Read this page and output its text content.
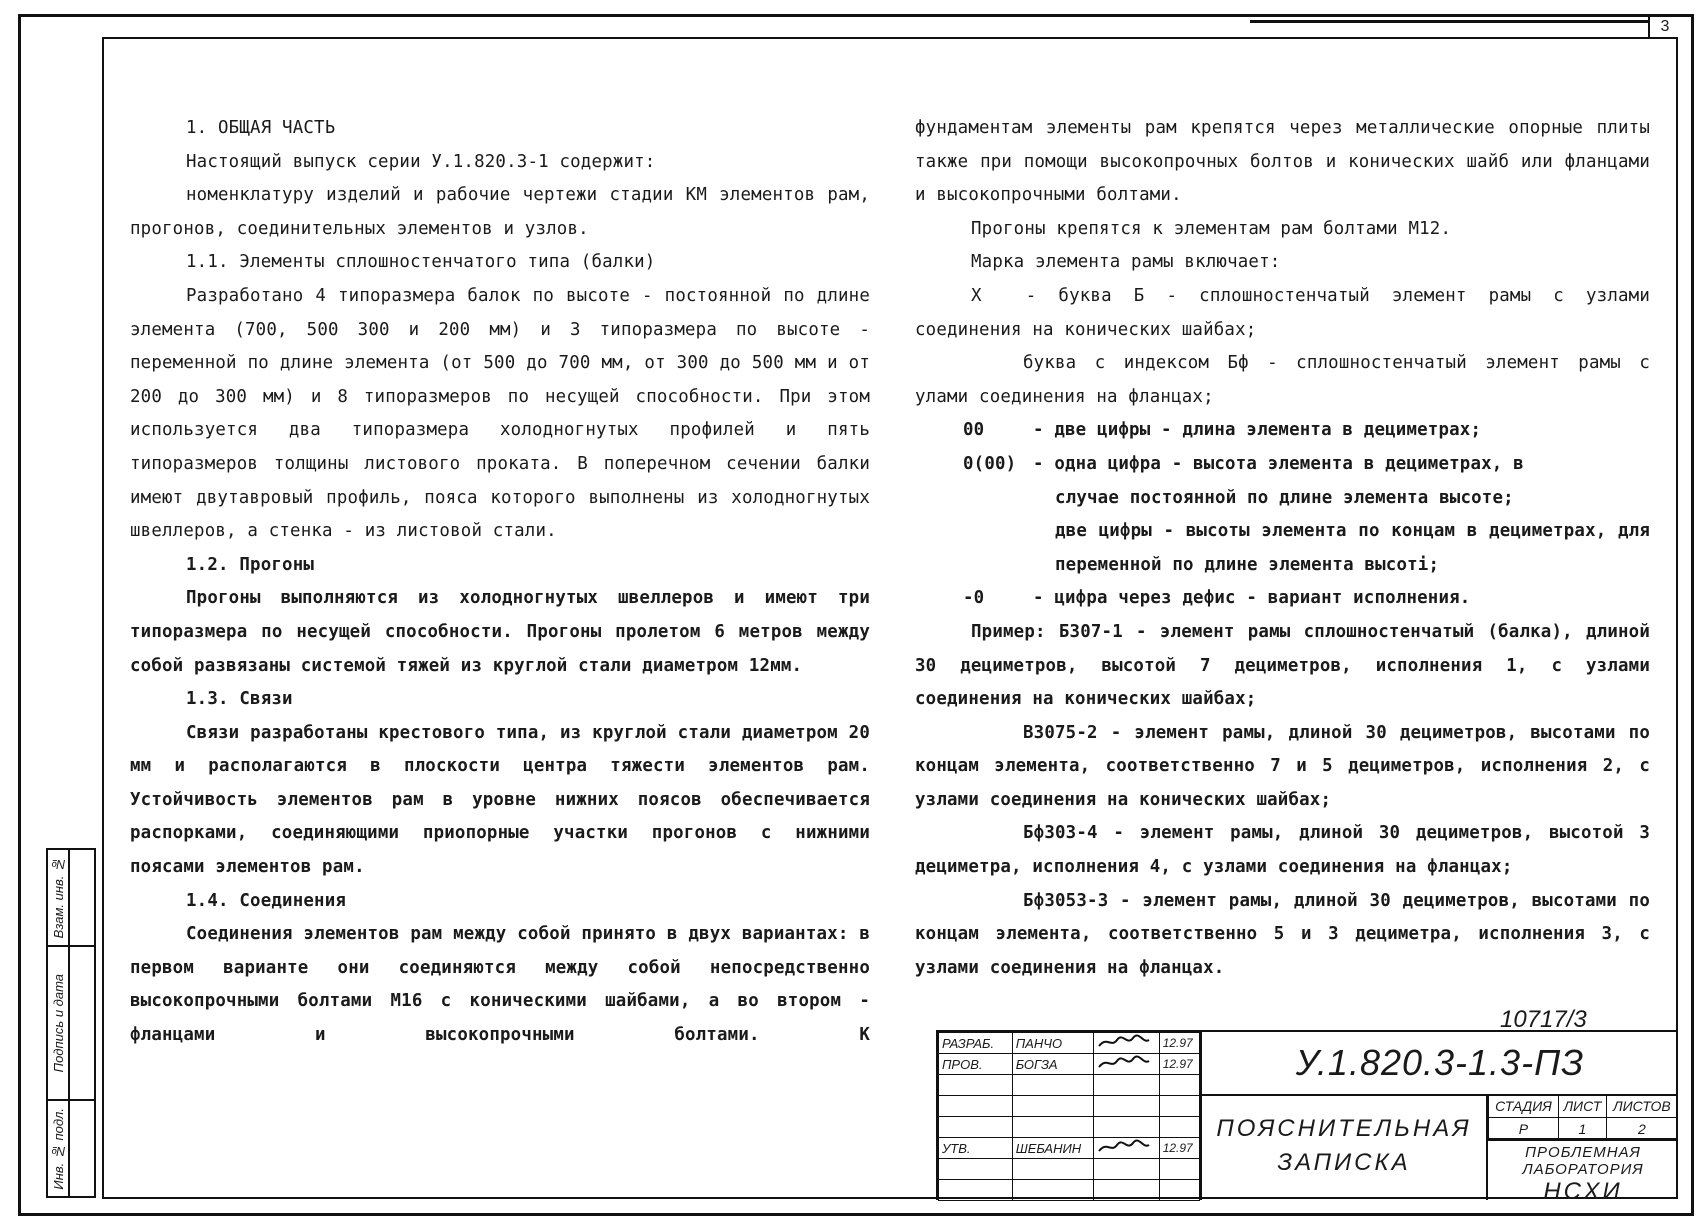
3
Взам. инв. №
Подпись и дата
Инв. № подл.

1. ОБЩАЯ ЧАСТЬ

Настоящий выпуск серии У.1.820.3-1 содержит:

номенклатуру изделий и рабочие чертежи стадии КМ элементов рам, прогонов, соединительных элементов и узлов.

1.1. Элементы сплошностенчатого типа (балки)

Разработано 4 типоразмера балок по высоте - постоянной по длине элемента (700, 500 300 и 200 мм) и 3 типоразмера по высоте - переменной по длине элемента (от 500 до 700 мм, от 300 до 500 мм и от 200 до 300 мм) и 8 типоразмеров по несущей способности. При этом используется два типоразмера холодногнутых профилей и пять типоразмеров толщины листового проката. В поперечном сечении балки имеют двутавровый профиль, пояса которого выполнены из холодногнутых швеллеров, а стенка - из листовой стали.

1.2. Прогоны

Прогоны выполняются из холодногнутых швеллеров и имеют три типоразмера по несущей способности. Прогоны пролетом 6 метров между собой развязаны системой тяжей из круглой стали диаметром 12мм.

1.3. Связи

Связи разработаны крестового типа, из круглой стали диаметром 20 мм и располагаются в плоскости центра тяжести элементов рам. Устойчивость элементов рам в уровне нижних поясов обеспечивается распорками, соединяющими приопорные участки прогонов с нижними поясами элементов рам.

1.4. Соединения

Соединения элементов рам между собой принято в двух вариантах: в первом варианте они соединяются между собой непосредственно высокопрочными болтами М16 с коническими шайбами, а во втором - фланцами и высокопрочными болтами. К

фундаментам элементы рам крепятся через металлические опорные плиты также при помощи высокопрочных болтов и конических шайб или фланцами и высокопрочными болтами.

Прогоны крепятся к элементам рам болтами М12.

Марка элемента рамы включает:

Х	- буква Б - сплошностенчатый элемент рамы с узлами соединения на конических шайбах;

буква с индексом Бф - сплошностенчатый элемент рамы с улами соединения на фланцах;

00	- две цифры - длина элемента в дециметрах;
0(00) - одна цифра - высота элемента в дециметрах, в

случае постоянной по длине элемента высоте;

две цифры - высоты элемента по концам в дециметрах, для переменной по длине элемента высоті;

-0	- цифра через дефис - вариант исполнения.

Пример: Б307-1 - элемент рамы сплошностенчатый (балка), длиной 30 дециметров, высотой 7 дециметров, исполнения 1, с узлами соединения на конических шайбах;

В3075-2 - элемент рамы, длиной 30 дециметров, высотами по концам элемента, соответственно 7 и 5 дециметров, исполнения 2, с узлами соединения на конических шайбах;

Бф303-4 - элемент рамы, длиной 30 дециметров, высотой 3 дециметра, исполнения 4, с узлами соединения на фланцах;

Бф3053-3 - элемент рамы, длиной 30 дециметров, высотами по концам элемента, соответственно 5 и 3 дециметра, исполнения 3, с узлами соединения на фланцах.

10717/3
РАЗРАБ.	ПАНЧО		12.97
ПРОВ.	БОГЗА		12.97

УТВ.	ШЕБАНИН		12.97

У.1.820.3-1.3-ПЗ
ПОЯСНИТЕЛЬНАЯ
ЗАПИСКА
СТАДИЯ	ЛИСТ	ЛИСТОВ
Р	1	2
ПРОБЛЕМНАЯ
ЛАБОРАТОРИЯ
НСХИ
